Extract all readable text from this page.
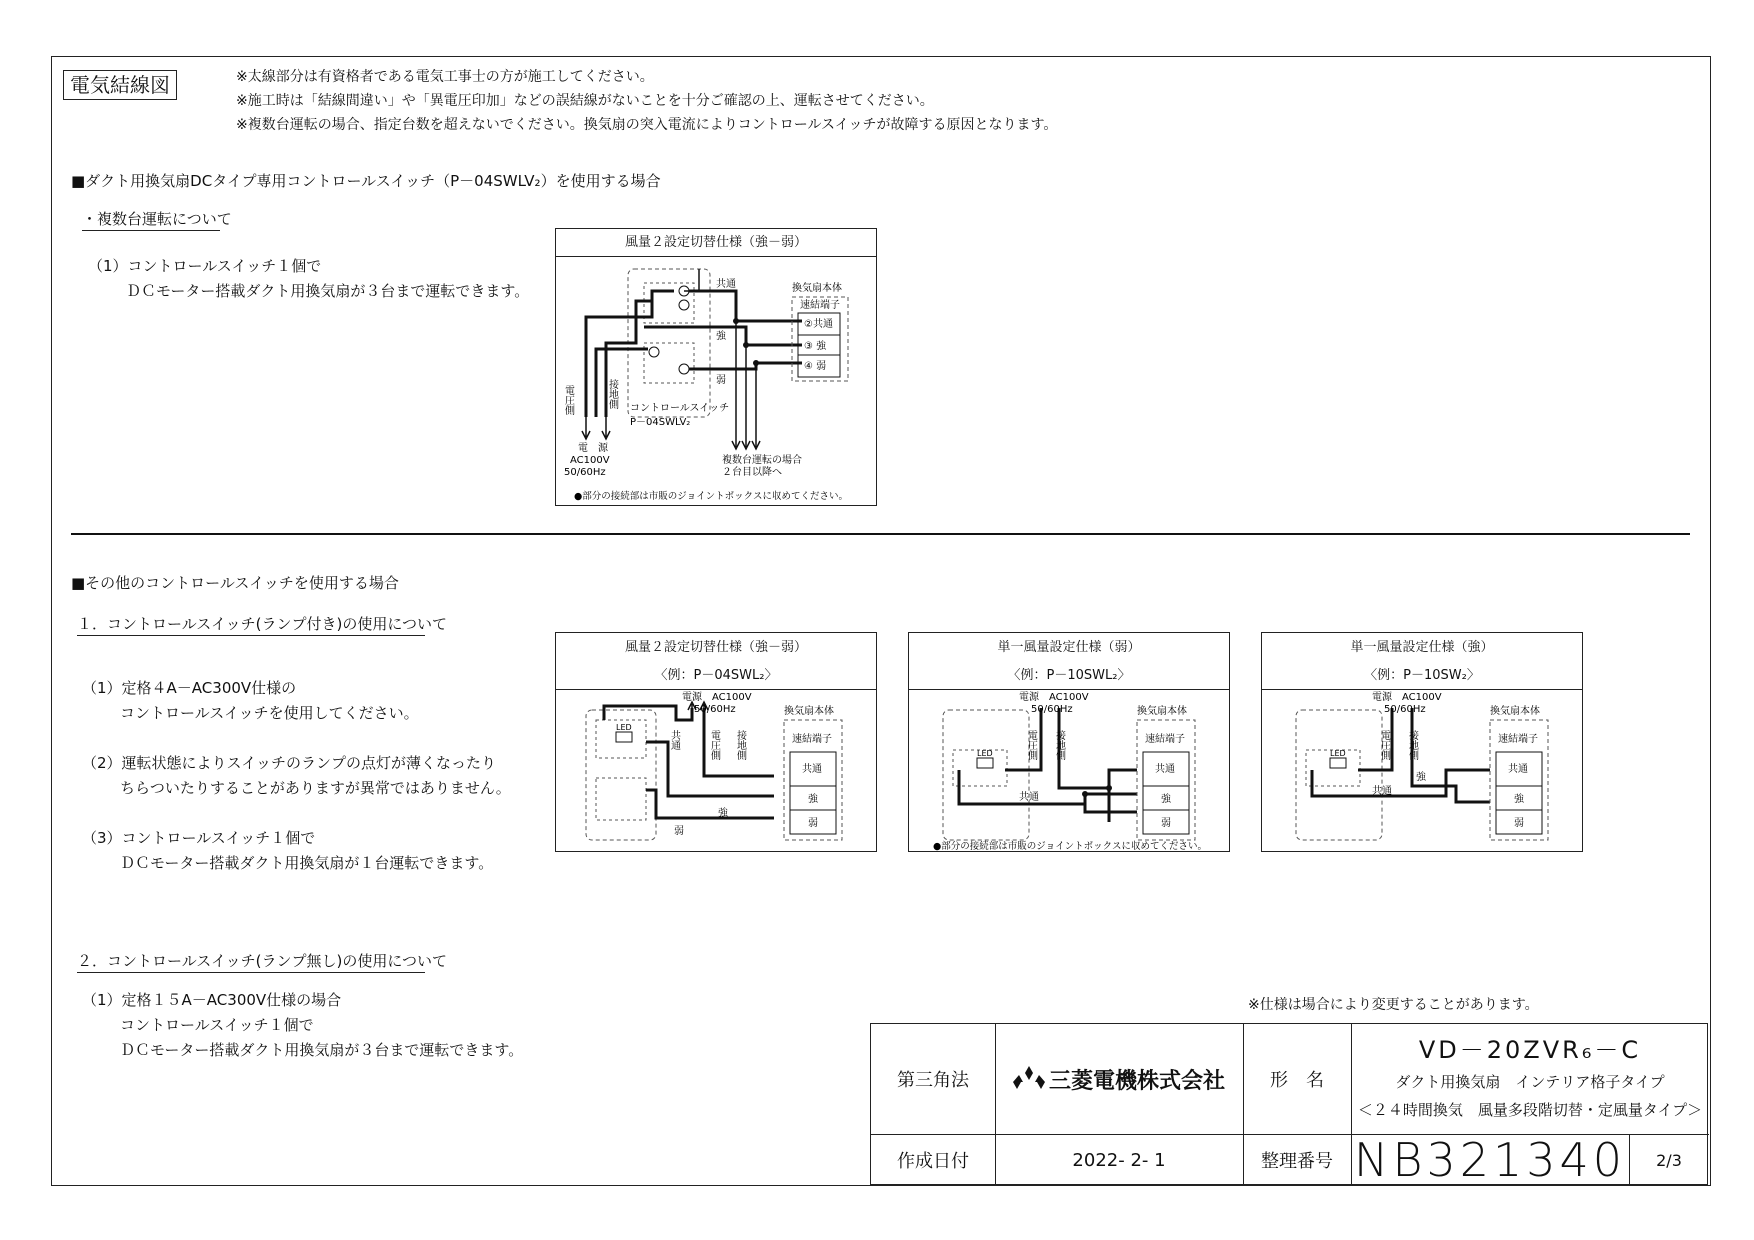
電気結線図	※太線部分は有資格者である電気工事士の方が施工してください。
※施工時は「結線間違い」や「異電圧印加」などの誤結線がないことを十分ご確認の上、運転させてください。
※複数台運転の場合、指定台数を超えないでください。換気扇の突入電流によりコントロールスイッチが故障する原因となります。
■ダクト用換気扇DCタイプ専用コントロールスイッチ（P－04SWLV₂）を使用する場合
・複数台運転について
（1）コントロールスイッチ１個で
ＤＣモーター搭載ダクト用換気扇が３台まで運転できます。
風量２設定切替仕様（強－弱）
換気扇本体
速結端子
②共通
③ 強
④ 弱
共通
強
弱
電圧側	接地側 コントロールスイッチ
P－04SWLV₂
電　源
AC100V
50/60Hz
複数台運転の場合
２台目以降へ
●部分の接続部は市販のジョイントボックスに収めてください。
■その他のコントロールスイッチを使用する場合
１．コントロールスイッチ(ランプ付き)の使用について
（1）定格４A－AC300V仕様の
コントロールスイッチを使用してください。
（2）運転状態によりスイッチのランプの点灯が薄くなったり
ちらついたりすることがありますが異常ではありません。
（3）コントロールスイッチ１個で
ＤＣモーター搭載ダクト用換気扇が１台運転できます。
２．コントロールスイッチ(ランプ無し)の使用について
（1）定格１５A－AC300V仕様の場合
コントロールスイッチ１個で
ＤＣモーター搭載ダクト用換気扇が３台まで運転できます。
風量２設定切替仕様（強－弱）
〈例：P－04SWL₂〉
LED
換気扇本体
速結端子
共通
強
弱
電源　AC100V
50/60Hz
共通	電圧側 接地側
強
弱
単一風量設定仕様（弱）
〈例：P－10SWL₂〉
LED
換気扇本体
速結端子
共通
強
弱
電源　AC100V
50/60Hz
電圧側 接地側
共通
●部分の接続部は市販のジョイントボックスに収めてください。
単一風量設定仕様（強）
〈例：P－10SW₂〉
LED
換気扇本体
速結端子
共通
強
弱
電源　AC100V
50/60Hz
電圧側 接地側
強
共通
※仕様は場合により変更することがあります。
第三角法	三菱電機株式会社	形　名
VD－20ZVR₆－C
ダクト用換気扇　インテリア格子タイプ
＜２４時間換気　風量多段階切替・定風量タイプ＞
作成日付	2022- 2- 1	整理番号 NB321340	2/3
